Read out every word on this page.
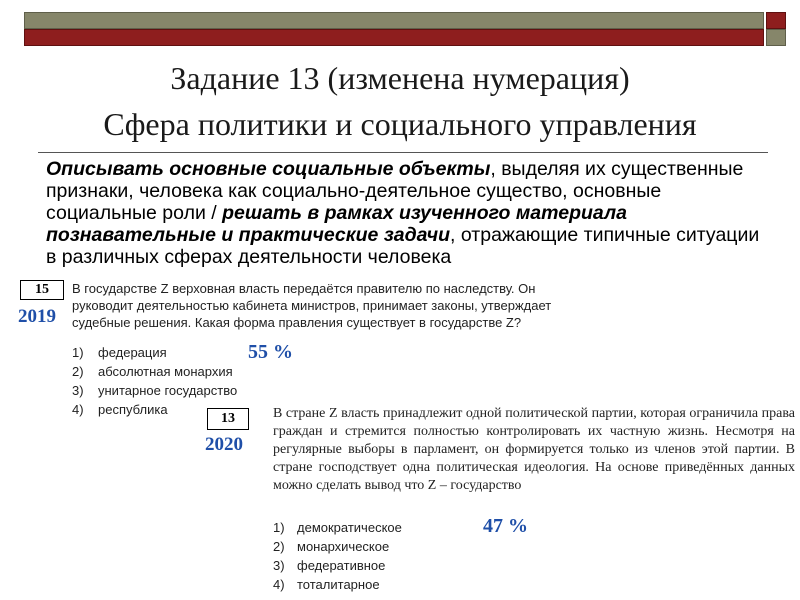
Задание 13 (изменена нумерация)
Сфера политики и социального управления
Описывать основные социальные объекты, выделяя их существенные признаки, человека как социально-деятельное существо, основные социальные роли / решать в рамках изученного материала познавательные и практические задачи, отражающие типичные ситуации в различных сферах деятельности человека
15
2019
В государстве Z верховная власть передаётся правителю по наследству. Он руководит деятельностью кабинета министров, принимает законы, утверждает судебные решения. Какая форма правления существует в государстве Z?
1)	федерация
2)	абсолютная монархия
3)	унитарное государство
4)	республика
55 %
13
2020
В стране Z власть принадлежит одной политической партии, которая ограничила права граждан и стремится полностью контролировать их частную жизнь. Несмотря на регулярные выборы в парламент, он формируется только из членов этой партии. В стране господствует одна политическая идеология. На основе приведённых данных можно сделать вывод что Z – государство
1) демократическое
2) монархическое
3) федеративное
4) тоталитарное
47 %
